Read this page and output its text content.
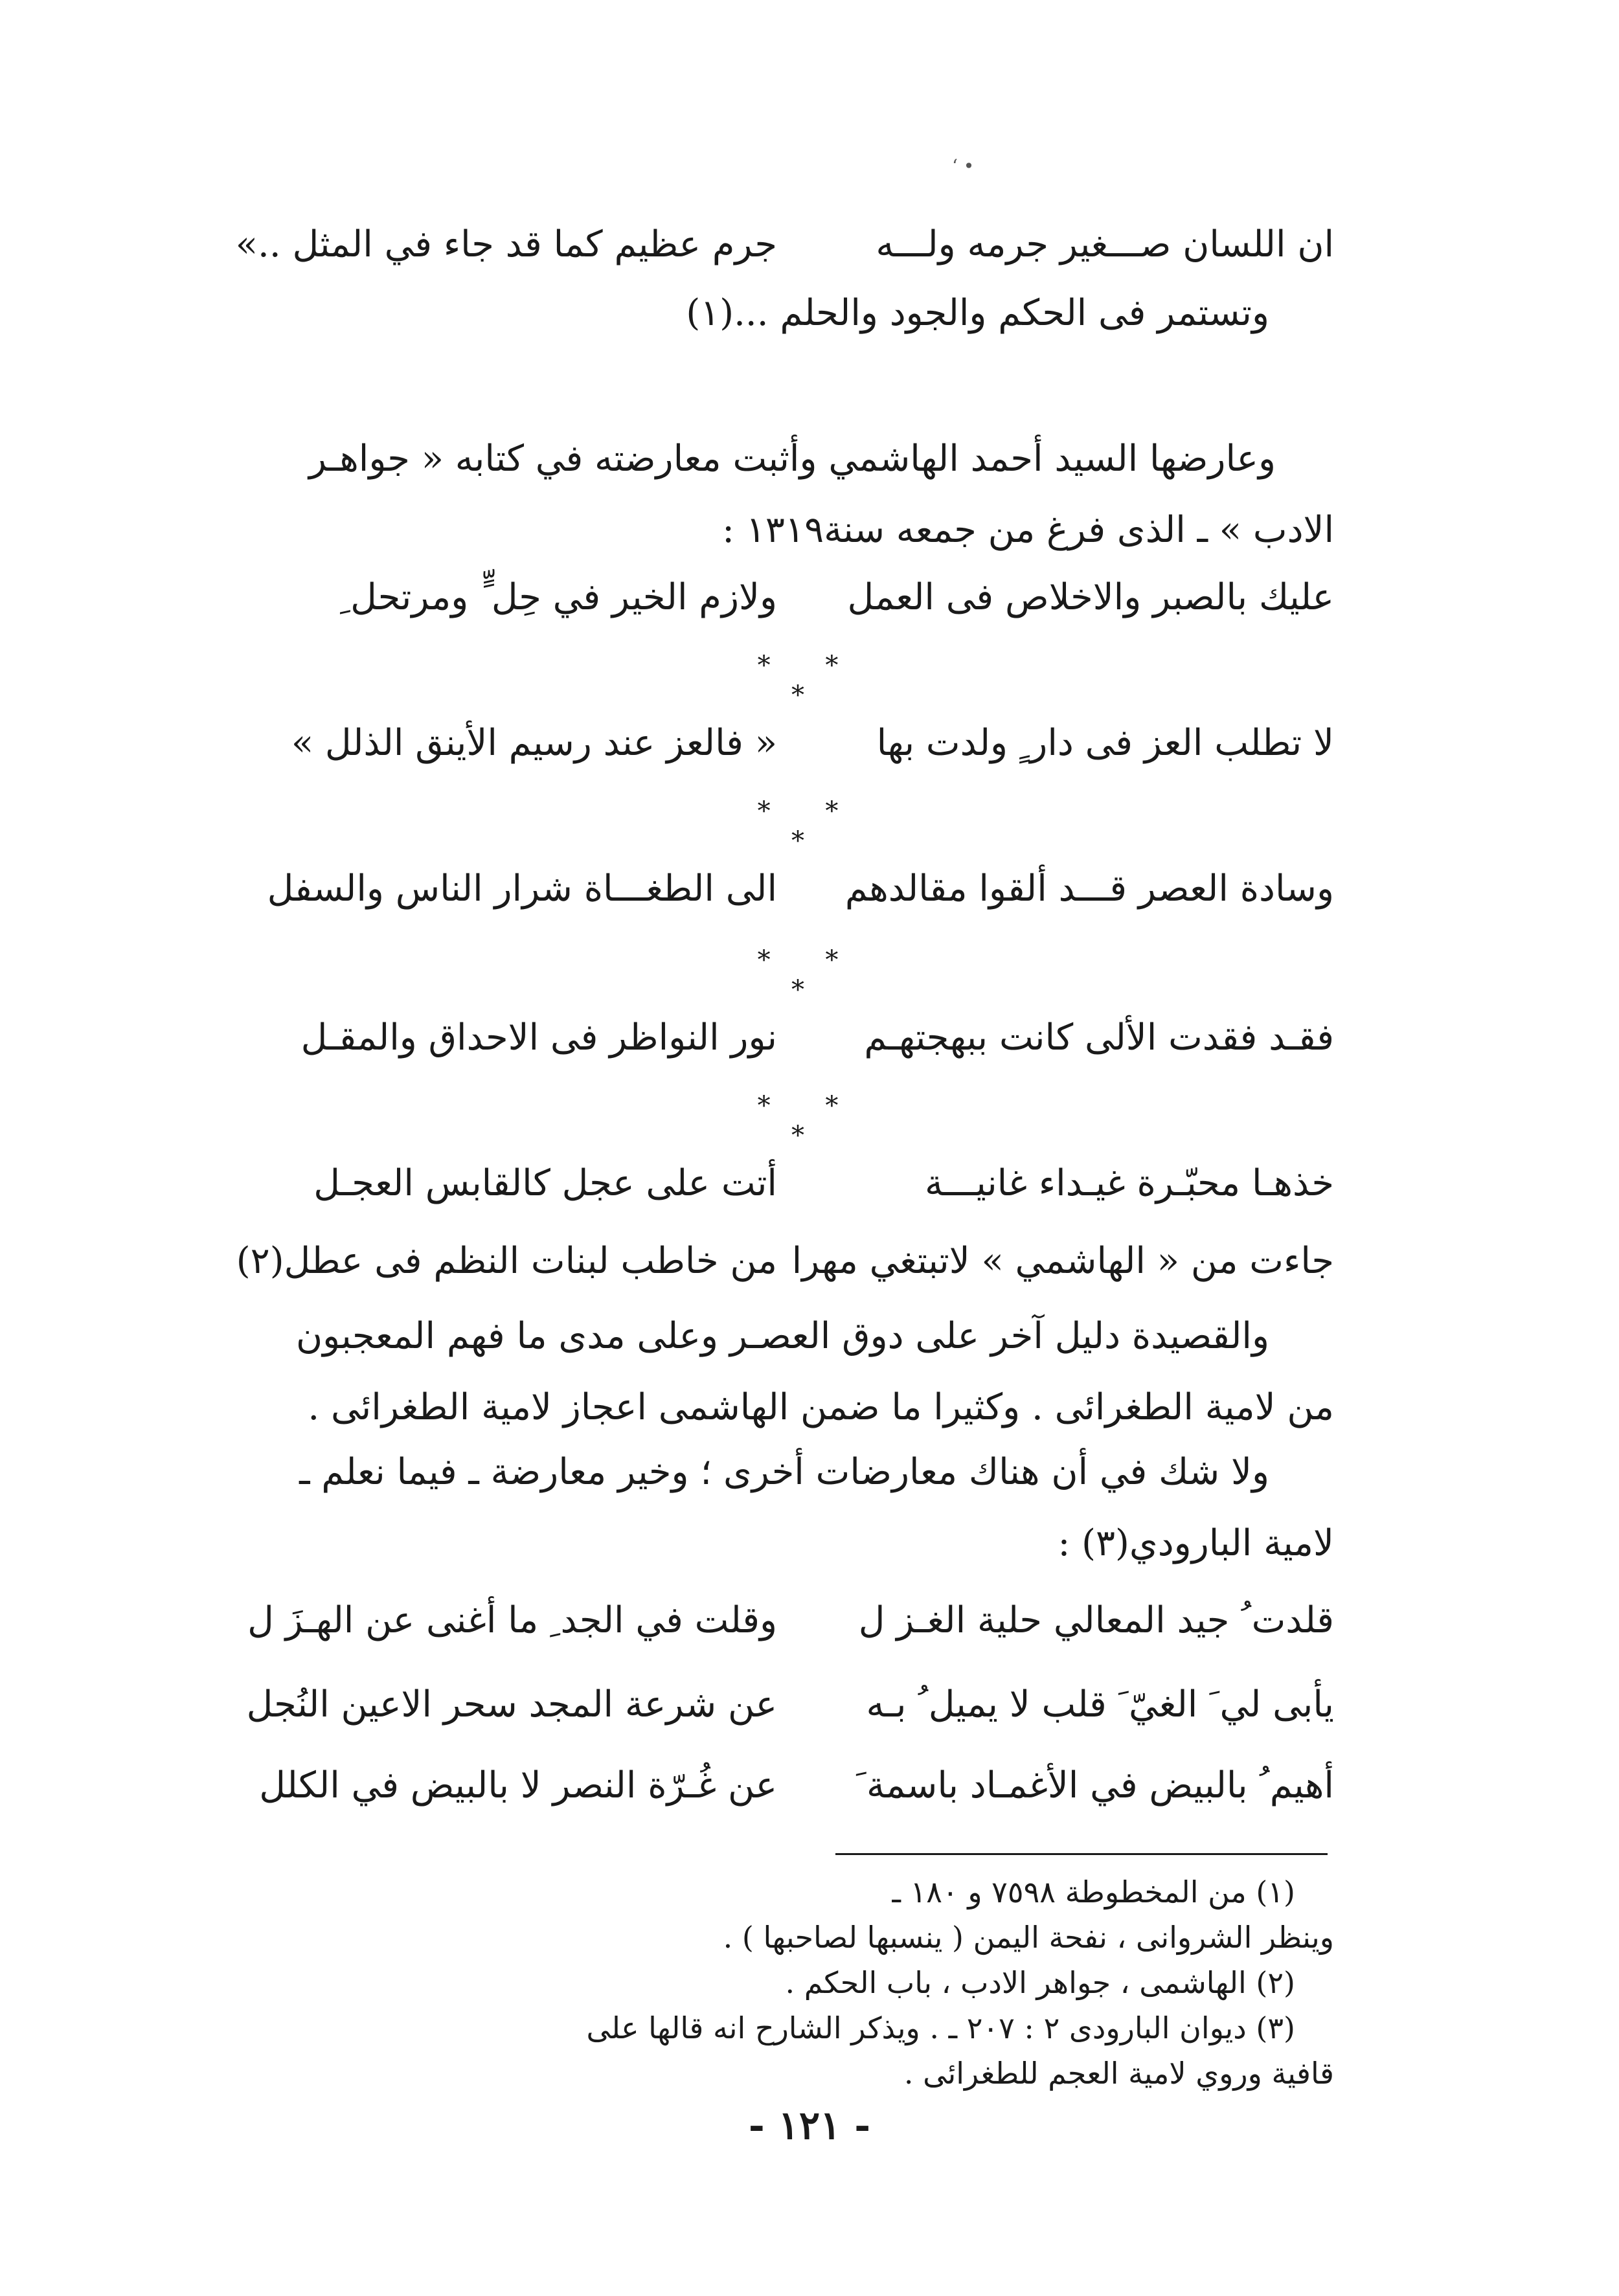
• ‘
ان اللسان صـــغير جرمه ولـــه
جرم عظيم كما قد جاء في المثل ..»
وتستمر فى الحكم والجود والحلم ...(١)
وعارضها السيد أحمد الهاشمي وأثبت معارضته في كتابه « جواهـر
الادب » ـ الذى فرغ من جمعه سنة١٣١٩ :
عليك بالصبر والاخلاص فى العمل
ولازم الخير في حِل ٍّ ومرتحل ِ
* * *
لا تطلب العز فى دار ٍ ولدت بها
« فالعز عند رسيم الأينق الذلل »
* * *
وسادة العصر قـــد ألقوا مقالدهم
الى الطغـــاة شرار الناس والسفل
* * *
فقـد فقدت الألى كانت ببهجتهـم
نور النواظر فى الاحداق والمقـل
* * *
خذهـا محبّـرة غيـداء غانيـــة
أتت على عجل كالقابس العجـل
جاءت من « الهاشمي » لاتبتغي مهرا
من خاطب لبنات النظم فى عطل(٢)
والقصيدة دليل آخر على دوق العصـر وعلى مدى ما فهم المعجبون
من لامية الطغرائى . وكثيرا ما ضمن الهاشمى اعجاز لامية الطغرائى .
ولا شك في أن هناك معارضات أخرى ؛ وخير معارضة ـ فيما نعلم ـ
لامية البارودي(٣) :
قلدت ُ جيد المعالي حلية الغـز ل
وقلت في الجد ِ ما أغنى عن الهـزَ ل
يأبى لي َ الغيّ َ قلب لا يميل ُ بـه
عن شرعة المجد سحر الاعين النُجل
أهيم ُ بالبيض في الأغمـاد باسمة َ
عن غُـرّة النصر لا بالبيض في الكلل
(١) من المخطوطة ٧٥٩٨ و ١٨٠ ـ
وينظر الشروانى ، نفحة اليمن ( ينسبها لصاحبها ) .
(٢) الهاشمى ، جواهر الادب ، باب الحكم .
(٣) ديوان البارودى ٢ : ٢٠٧ ـ . ويذكر الشارح انه قالها على
قافية وروي لامية العجم للطغرائى .
- ١٢١ -
